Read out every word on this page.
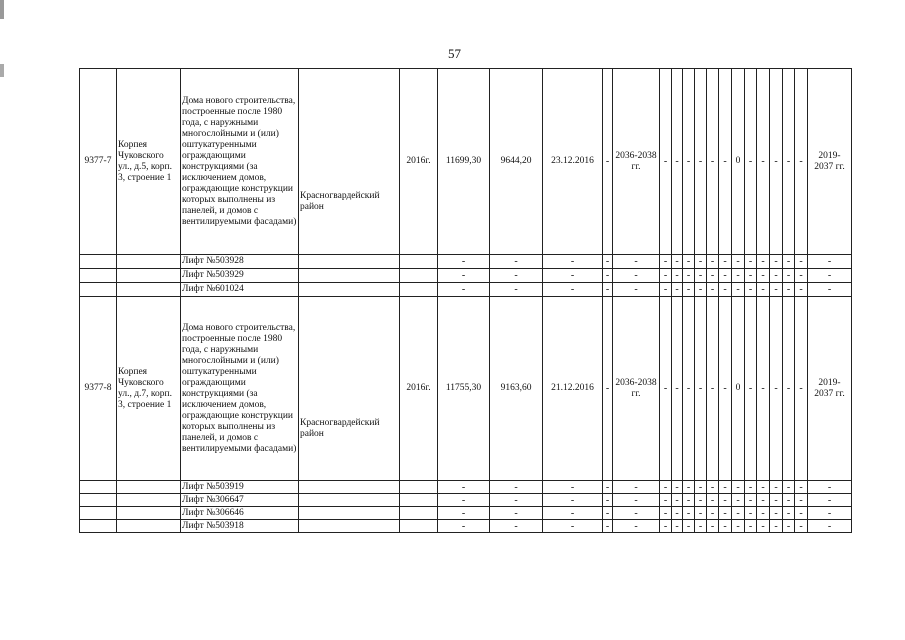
57
9377-7	Корпея Чуковского ул., д.5, корп. 3, строение 1	Дома нового строительства, построенные после 1980 года, с наружными многослойными и (или) оштукатуренными ограждающими конструкциями (за исключением домов, ограждающие конструкции которых выполнены из панелей, и домов с вентилируемыми фасадами)	Красногвардейский район	2016г.	11699,30	9644,20	23.12.2016	-	2036-2038 гг.	-	-	-	-	-	-	0	-	-	-	-	-	2019-2037 гг.
		Лифт №503928			-	-	-	-	-	-	-	-	-	-	-	-	-	-	-	-	-	-
		Лифт №503929			-	-	-	-	-	-	-	-	-	-	-	-	-	-	-	-	-	-
		Лифт №601024			-	-	-	-	-	-	-	-	-	-	-	-	-	-	-	-	-	-
9377-8	Корпея Чуковского ул., д.7, корп. 3, строение 1	Дома нового строительства, построенные после 1980 года, с наружными многослойными и (или) оштукатуренными ограждающими конструкциями (за исключением домов, ограждающие конструкции которых выполнены из панелей, и домов с вентилируемыми фасадами)	Красногвардейский район	2016г.	11755,30	9163,60	21.12.2016	-	2036-2038 гг.	-	-	-	-	-	-	0	-	-	-	-	-	2019-2037 гг.
		Лифт №503919			-	-	-	-	-	-	-	-	-	-	-	-	-	-	-	-	-	-
		Лифт №306647			-	-	-	-	-	-	-	-	-	-	-	-	-	-	-	-	-	-
		Лифт №306646			-	-	-	-	-	-	-	-	-	-	-	-	-	-	-	-	-	-
		Лифт №503918			-	-	-	-	-	-	-	-	-	-	-	-	-	-	-	-	-	-
